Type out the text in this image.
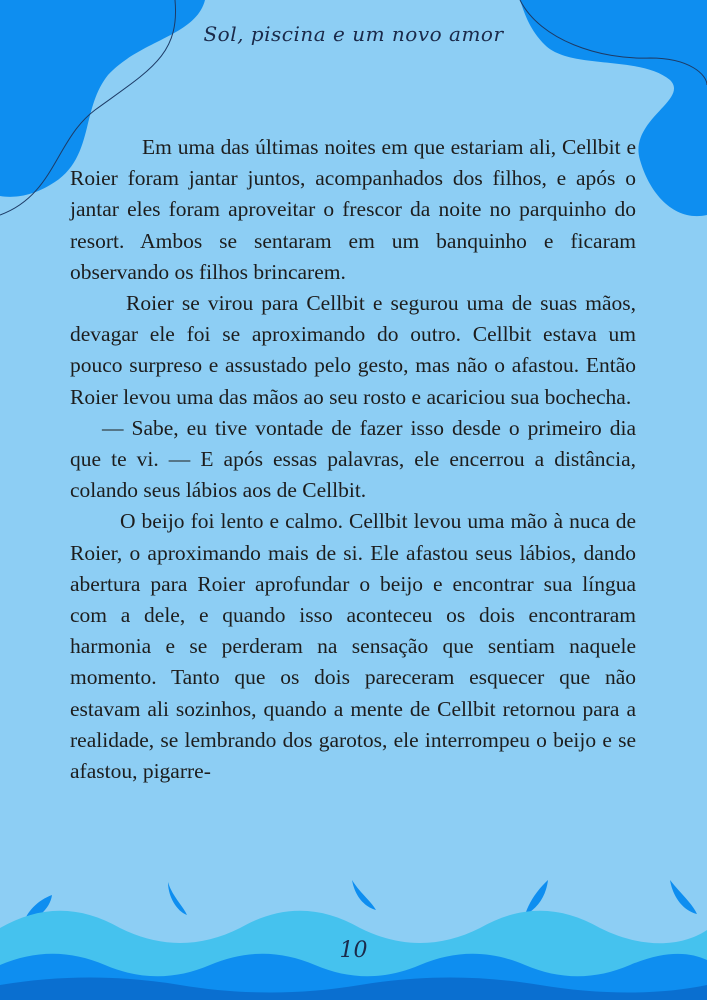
Sol, piscina e um novo amor

Em uma das últimas noites em que estariam ali, Cellbit e Roier foram jantar juntos, acompanhados dos filhos, e após o jantar eles foram aproveitar o frescor da noite no parquinho do resort. Ambos se sentaram em um banquinho e ficaram observando os filhos brincarem.

Roier se virou para Cellbit e segurou uma de suas mãos, devagar ele foi se aproximando do outro. Cellbit estava um pouco surpreso e assustado pelo gesto, mas não o afastou. Então Roier levou uma das mãos ao seu rosto e acariciou sua bochecha.

— Sabe, eu tive vontade de fazer isso desde o primeiro dia que te vi. — E após essas palavras, ele encerrou a distância, colando seus lábios aos de Cellbit.

O beijo foi lento e calmo. Cellbit levou uma mão à nuca de Roier, o aproximando mais de si. Ele afastou seus lábios, dando abertura para Roier aprofundar o beijo e encontrar sua língua com a dele, e quando isso aconteceu os dois encontraram harmonia e se perderam na sensação que sentiam naquele momento. Tanto que os dois pareceram esquecer que não estavam ali sozinhos, quando a mente de Cellbit retornou para a realidade, se lembrando dos garotos, ele interrompeu o beijo e se afastou, pigarre-

10
